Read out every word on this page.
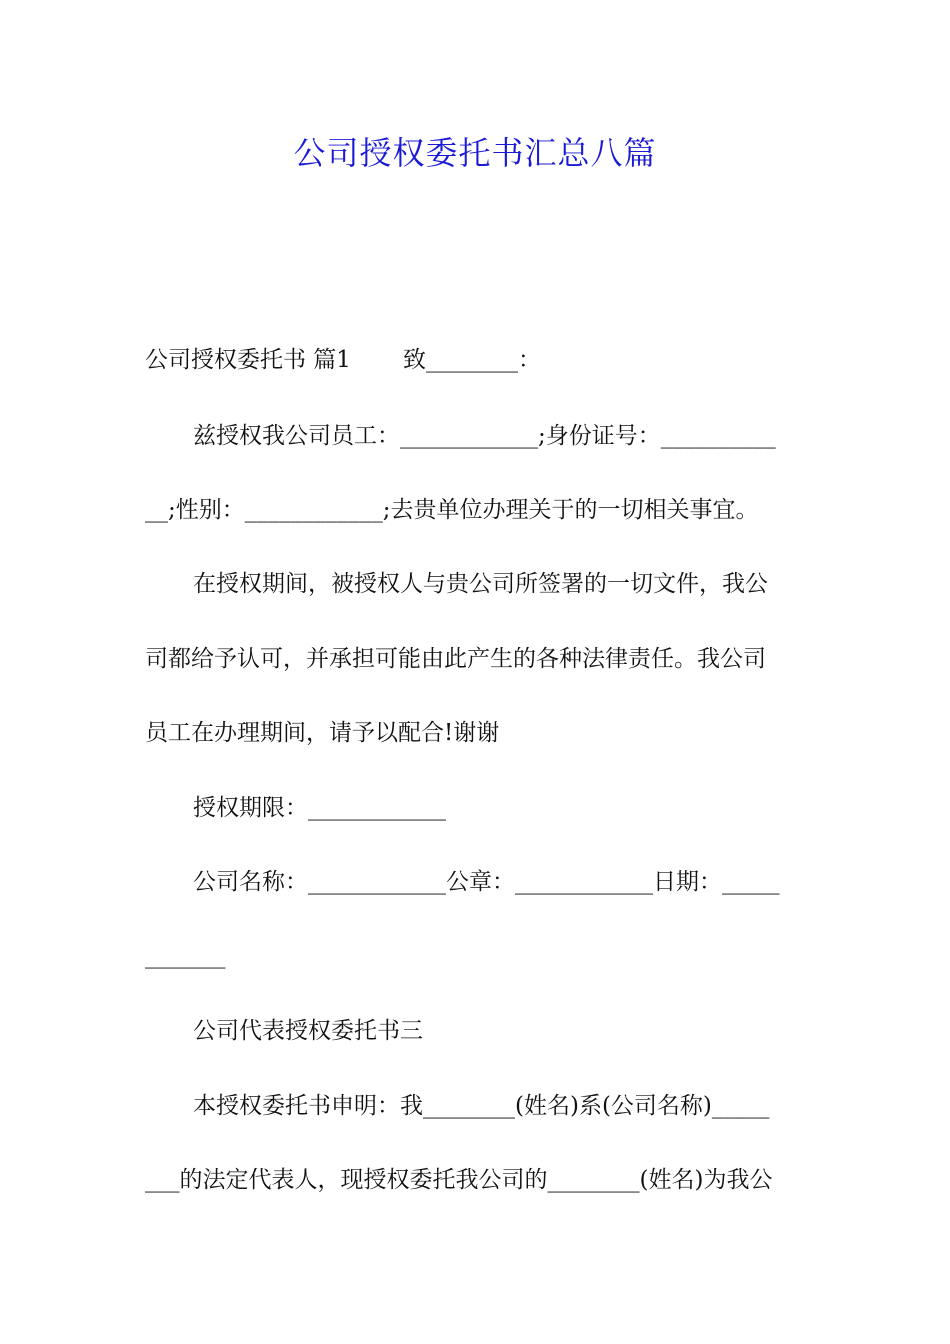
公司授权委托书汇总八篇
公司授权委托书 篇1 致________：
兹授权我公司员工：____________;身份证号：__________
__;性别：____________;去贵单位办理关于的一切相关事宜。
在授权期间，被授权人与贵公司所签署的一切文件，我公
司都给予认可，并承担可能由此产生的各种法律责任。我公司
员工在办理期间，请予以配合!谢谢
授权期限：____________
公司名称：____________公章：____________日期：_____
_______
公司代表授权委托书三
本授权委托书申明：我________(姓名)系(公司名称)_____
___的法定代表人，现授权委托我公司的________(姓名)为我公
